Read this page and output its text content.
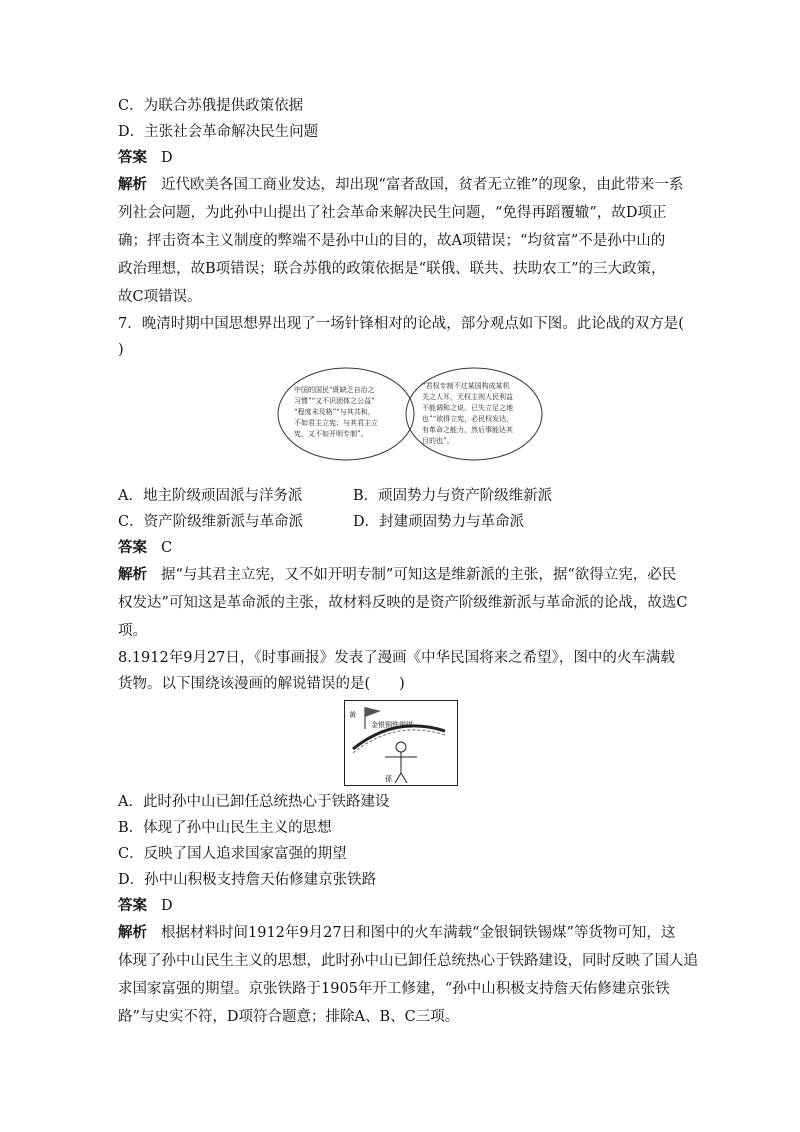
C．为联合苏俄提供政策依据
D．主张社会革命解决民生问题
答案 D
解析 近代欧美各国工商业发达，却出现“富者敌国，贫者无立锥”的现象，由此带来一系
列社会问题，为此孙中山提出了社会革命来解决民生问题，“免得再蹈覆辙”，故D项正
确；抨击资本主义制度的弊端不是孙中山的目的，故A项错误；“均贫富”不是孙中山的
政治理想，故B项错误；联合苏俄的政策依据是“联俄、联共、扶助农工”的三大政策，
故C项错误。
7．晚清时期中国思想界出现了一场针锋相对的论战，部分观点如下图。此论战的双方是(
)
中国的国民“既缺乏自治之
习惯”“又不识团体之公益”
“程度未及格”“与其共和，
不如君主立宪；与其君主立
宪，又不如开明专制”。
“君权专制不过某国构成某机
关之人耳，无权主则人民利益
不能调和之说，已失立足之地
也”“欲得立宪，必民权发达，
有革命之能力，然后事能达其
目的也”。
A．地主阶级顽固派与洋务派	B．顽固势力与资产阶级维新派
C．资产阶级维新派与革命派	D．封建顽固势力与革命派
答案 C
解析 据“与其君主立宪，又不如开明专制”可知这是维新派的主张，据“欲得立宪，必民
权发达”可知这是革命派的主张，故材料反映的是资产阶级维新派与革命派的论战，故选C
项。
8.1912年9月27日，《时事画报》发表了漫画《中华民国将来之希望》，图中的火车满载
货物。以下围绕该漫画的解说错误的是(　　)
金银铜铁锡煤
黄
孫
A．此时孙中山已卸任总统热心于铁路建设
B．体现了孙中山民生主义的思想
C．反映了国人追求国家富强的期望
D．孙中山积极支持詹天佑修建京张铁路
答案 D
解析 根据材料时间1912年9月27日和图中的火车满载“金银铜铁锡煤”等货物可知，这
体现了孙中山民生主义的思想，此时孙中山已卸任总统热心于铁路建设，同时反映了国人追
求国家富强的期望。京张铁路于1905年开工修建，“孙中山积极支持詹天佑修建京张铁
路”与史实不符，D项符合题意；排除A、B、C三项。
